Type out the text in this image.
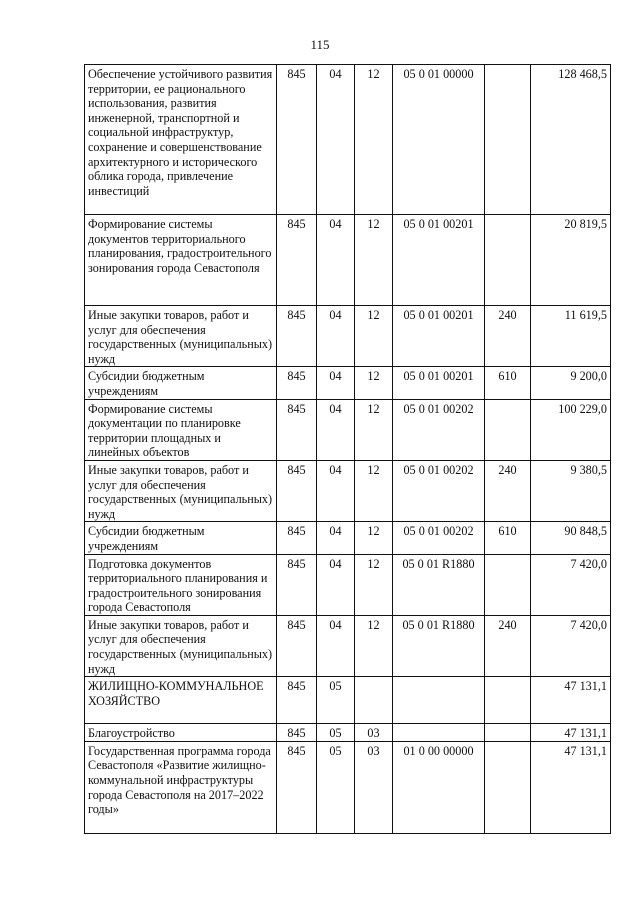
115
Обеспечение устойчивого развития территории, ее рационального использования, развития инженерной, транспортной и социальной инфраструктур, сохранение и совершенствование архитектурного и исторического облика города, привлечение инвестиций	845	04	12	05 0 01 00000		128 468,5
Формирование системы документов территориального планирования, градостроительного зонирования города Севастополя	845	04	12	05 0 01 00201		20 819,5
Иные закупки товаров, работ и услуг для обеспечения государственных (муниципальных) нужд	845	04	12	05 0 01 00201	240	11 619,5
Субсидии бюджетным учреждениям	845	04	12	05 0 01 00201	610	9 200,0
Формирование системы документации по планировке территории площадных и линейных объектов	845	04	12	05 0 01 00202		100 229,0
Иные закупки товаров, работ и услуг для обеспечения государственных (муниципальных) нужд	845	04	12	05 0 01 00202	240	9 380,5
Субсидии бюджетным учреждениям	845	04	12	05 0 01 00202	610	90 848,5
Подготовка документов территориального планирования и градостроительного зонирования города Севастополя	845	04	12	05 0 01 R1880		7 420,0
Иные закупки товаров, работ и услуг для обеспечения государственных (муниципальных) нужд	845	04	12	05 0 01 R1880	240	7 420,0
ЖИЛИЩНО-КОММУНАЛЬНОЕ ХОЗЯЙСТВО	845	05				47 131,1
Благоустройство	845	05	03			47 131,1
Государственная программа города Севастополя «Развитие жилищно-коммунальной инфраструктуры города Севастополя на 2017–2022 годы»	845	05	03	01 0 00 00000		47 131,1
